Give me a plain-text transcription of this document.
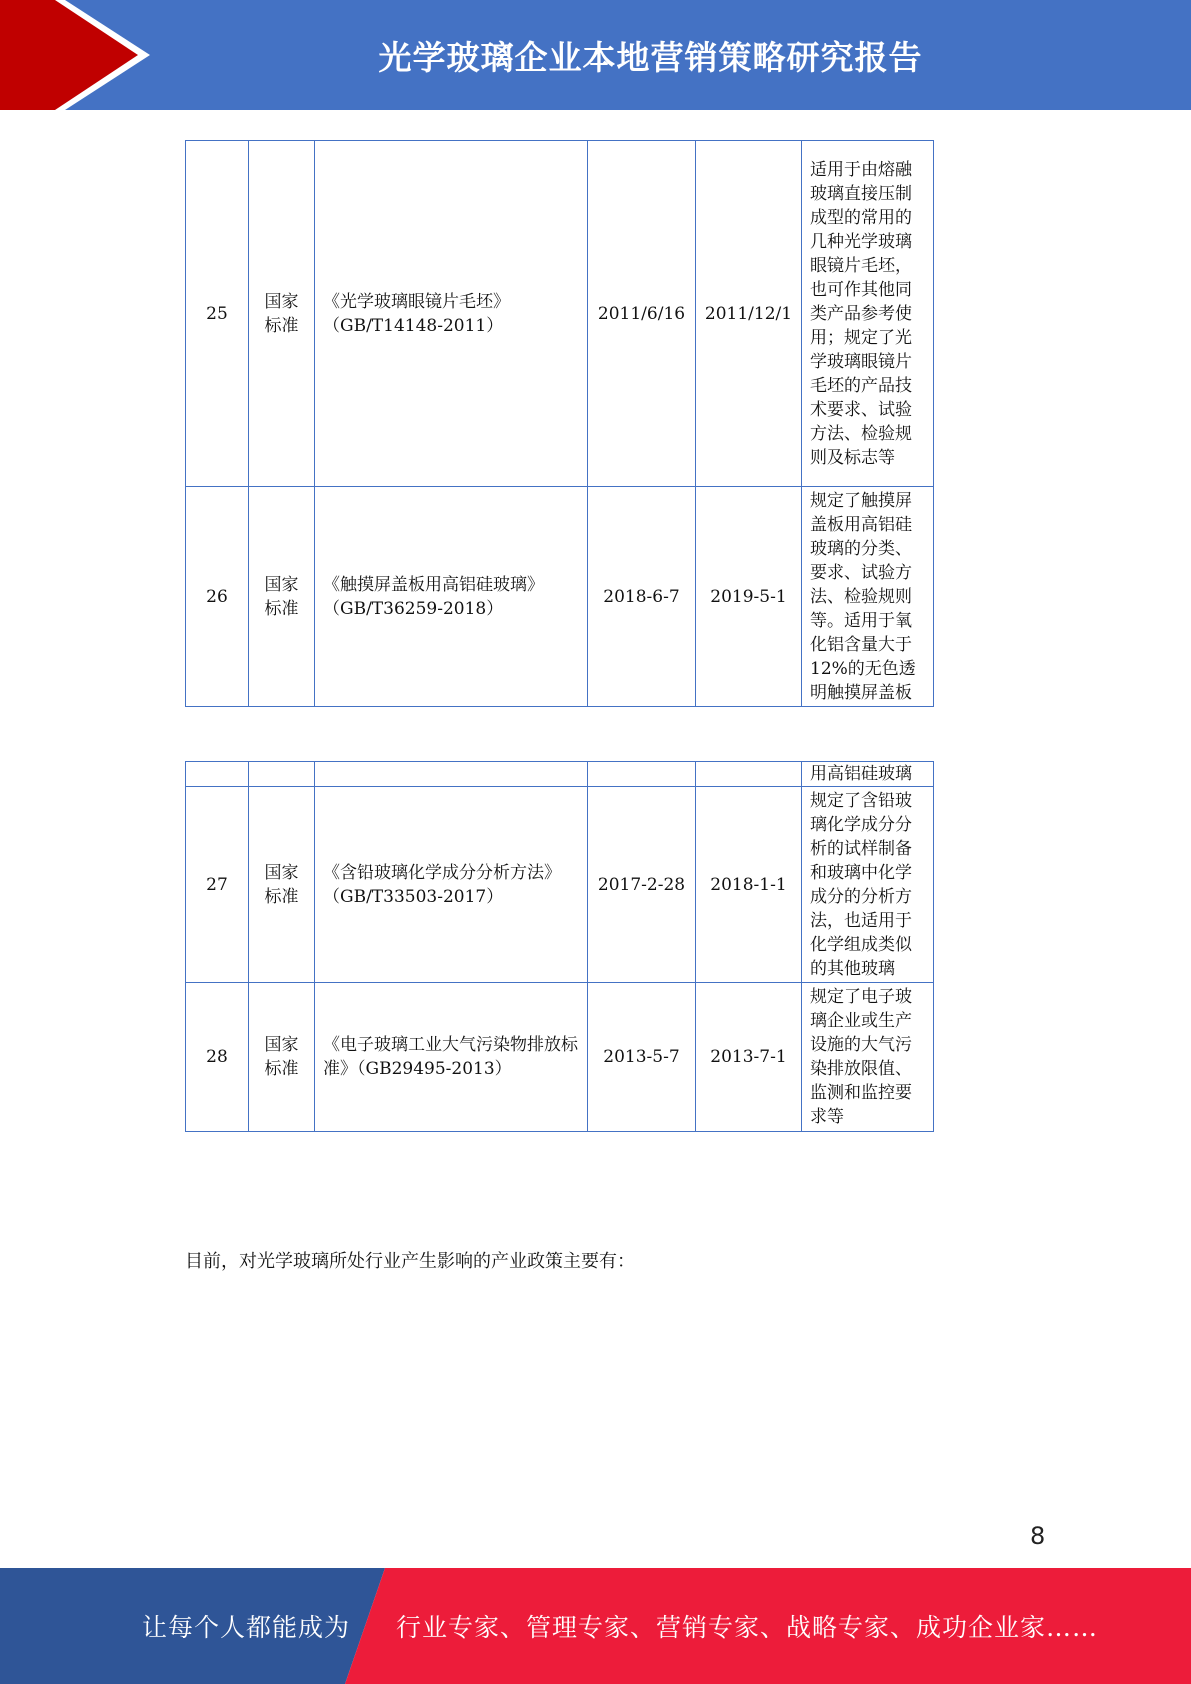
光学玻璃企业本地营销策略研究报告
25	国家标准	《光学玻璃眼镜片毛坯》（GB/T14148-2011）	2011/6/16	2011/12/1	适用于由熔融玻璃直接压制成型的常用的几种光学玻璃眼镜片毛坯，也可作其他同类产品参考使用；规定了光学玻璃眼镜片毛坯的产品技术要求、试验方法、检验规则及标志等
26	国家标准	《触摸屏盖板用高铝硅玻璃》（GB/T36259-2018）	2018-6-7	2019-5-1	规定了触摸屏盖板用高铝硅玻璃的分类、要求、试验方法、检验规则等。适用于氧化铝含量大于12%的无色透明触摸屏盖板
					用高铝硅玻璃
27	国家标准	《含铅玻璃化学成分分析方法》（GB/T33503-2017）	2017-2-28	2018-1-1	规定了含铅玻璃化学成分分析的试样制备和玻璃中化学成分的分析方法，也适用于化学组成类似的其他玻璃
28	国家标准	《电子玻璃工业大气污染物排放标准》（GB29495-2013）	2013-5-7	2013-7-1	规定了电子玻璃企业或生产设施的大气污染排放限值、监测和监控要求等
目前，对光学玻璃所处行业产生影响的产业政策主要有：
8
让每个人都能成为 行业专家、管理专家、营销专家、战略专家、成功企业家……
